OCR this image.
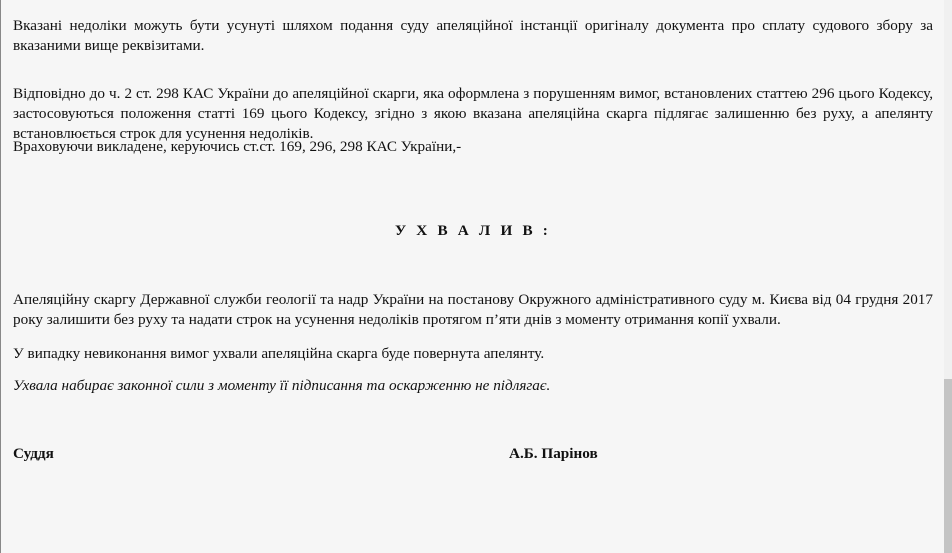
Вказані недоліки можуть бути усунуті шляхом подання суду апеляційної інстанції оригіналу документа про сплату судового збору за вказаними вище реквізитами.

Відповідно до ч. 2 ст. 298 КАС України до апеляційної скарги, яка оформлена з порушенням вимог, встановлених статтею 296 цього Кодексу, застосовуються положення статті 169 цього Кодексу, згідно з якою вказана апеляційна скарга підлягає залишенню без руху, а апелянту встановлюється строк для усунення недоліків.

Враховуючи викладене, керуючись ст.ст. 169, 296, 298 КАС України,-

У Х В А Л И В :

Апеляційну скаргу Державної служби геології та надр України на постанову Окружного адміністративного суду м. Києва від 04 грудня 2017 року залишити без руху та надати строк на усунення недоліків протягом п’яти днів з моменту отримання копії ухвали.

У випадку невиконання вимог ухвали апеляційна скарга буде повернута апелянту.

Ухвала набирає законної сили з моменту її підписання та оскарженню не підлягає.

Суддя	А.Б. Парінов
